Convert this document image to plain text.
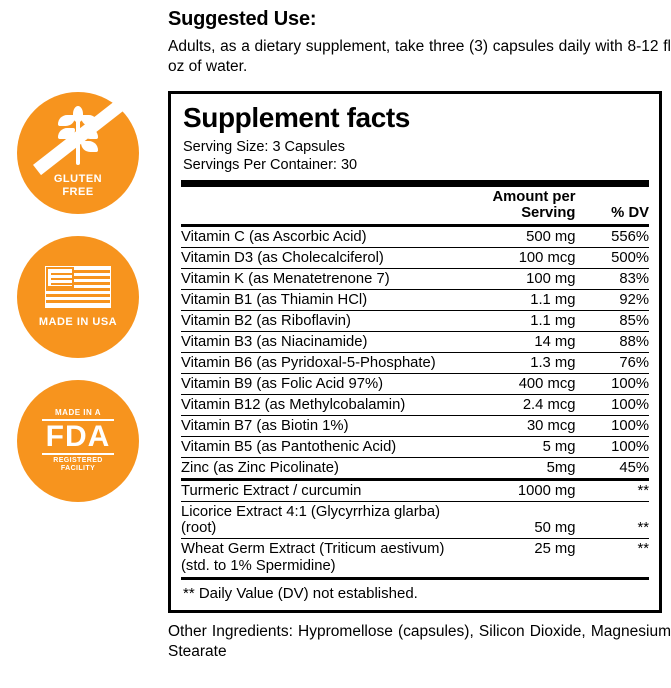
GLUTEN
FREE
MADE IN USA
MADE IN A
FDA
REGISTERED
FACILITY
Suggested Use:
Adults, as a dietary supplement, take three (3) capsules daily with 8-12 fl oz of water.
Supplement facts
Serving Size: 3 Capsules
Servings Per Container: 30
	Amount per Serving	% DV
Vitamin C (as Ascorbic Acid)	500 mg	556%
Vitamin D3 (as Cholecalciferol)	100 mcg	500%
Vitamin K (as Menatetrenone 7)	100 mg	83%
Vitamin B1 (as Thiamin HCl)	1.1 mg	92%
Vitamin B2 (as Riboflavin)	1.1 mg	85%
Vitamin B3 (as Niacinamide)	14 mg	88%
Vitamin B6 (as Pyridoxal-5-Phosphate)	1.3 mg	76%
Vitamin B9 (as Folic Acid 97%)	400 mcg	100%
Vitamin B12 (as Methylcobalamin)	2.4 mcg	100%
Vitamin B7 (as Biotin 1%)	30 mcg	100%
Vitamin B5 (as Pantothenic Acid)	5 mg	100%
Zinc (as Zinc Picolinate)	5mg	45%
Turmeric Extract / curcumin	1000 mg	**
Licorice Extract 4:1 (Glycyrrhiza glarba) (root)	50 mg	**

Wheat Germ Extract (Triticum aestivum)
(std. to 1% Spermidine)	25 mg	**
** Daily Value (DV) not established.
Other Ingredients: Hypromellose (capsules), Silicon Dioxide, Magnesium Stearate
